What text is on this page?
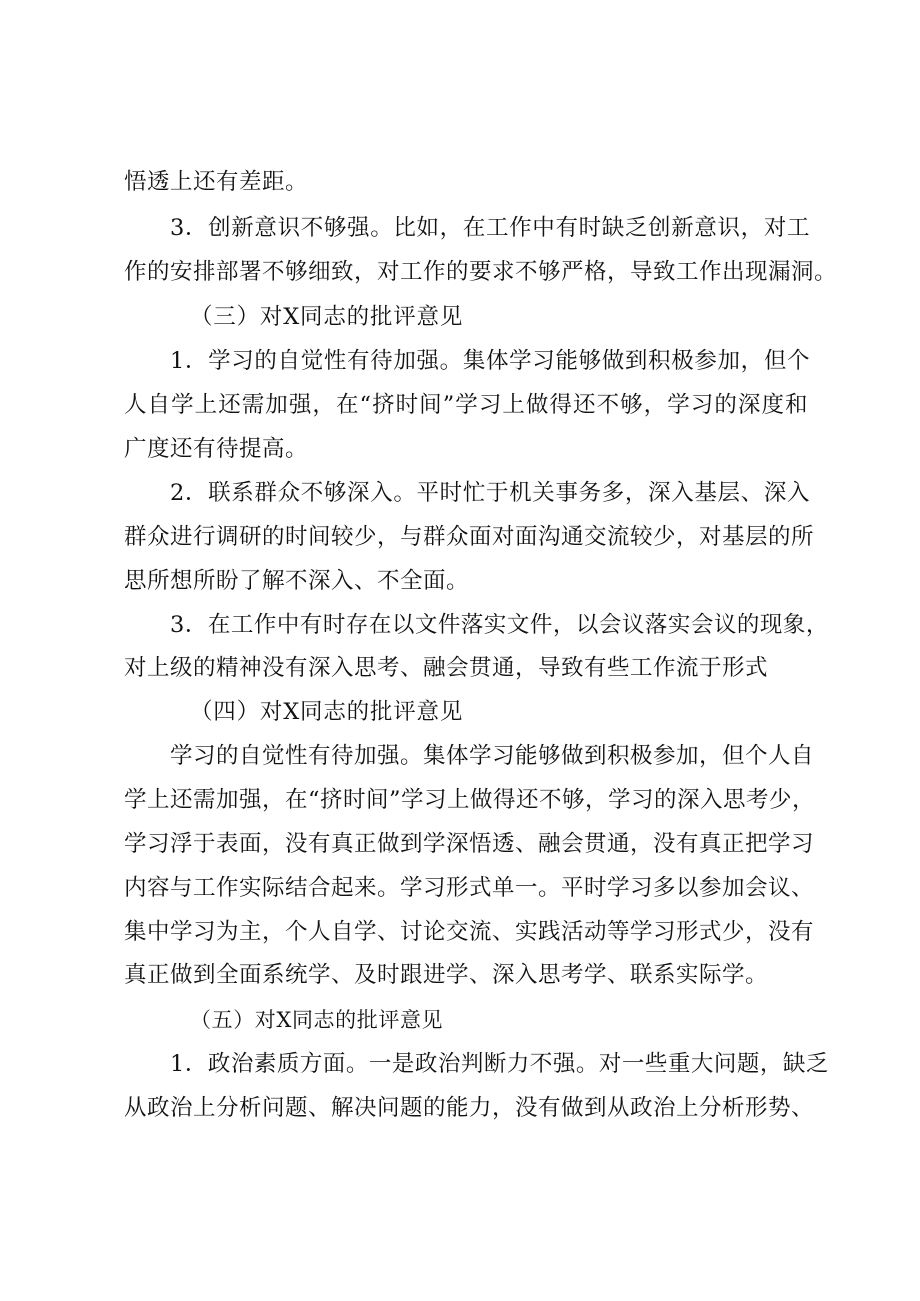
悟透上还有差距。
3．创新意识不够强。比如，在工作中有时缺乏创新意识，对工
作的安排部署不够细致，对工作的要求不够严格，导致工作出现漏洞。
（三）对X同志的批评意见
1．学习的自觉性有待加强。集体学习能够做到积极参加，但个
人自学上还需加强，在“挤时间”学习上做得还不够，学习的深度和
广度还有待提高。
2．联系群众不够深入。平时忙于机关事务多，深入基层、深入
群众进行调研的时间较少，与群众面对面沟通交流较少，对基层的所
思所想所盼了解不深入、不全面。
3．在工作中有时存在以文件落实文件，以会议落实会议的现象，
对上级的精神没有深入思考、融会贯通，导致有些工作流于形式
（四）对X同志的批评意见
学习的自觉性有待加强。集体学习能够做到积极参加，但个人自
学上还需加强，在“挤时间”学习上做得还不够，学习的深入思考少，
学习浮于表面，没有真正做到学深悟透、融会贯通，没有真正把学习
内容与工作实际结合起来。学习形式单一。平时学习多以参加会议、
集中学习为主，个人自学、讨论交流、实践活动等学习形式少，没有
真正做到全面系统学、及时跟进学、深入思考学、联系实际学。
（五）对X同志的批评意见
1．政治素质方面。一是政治判断力不强。对一些重大问题，缺乏
从政治上分析问题、解决问题的能力，没有做到从政治上分析形势、
